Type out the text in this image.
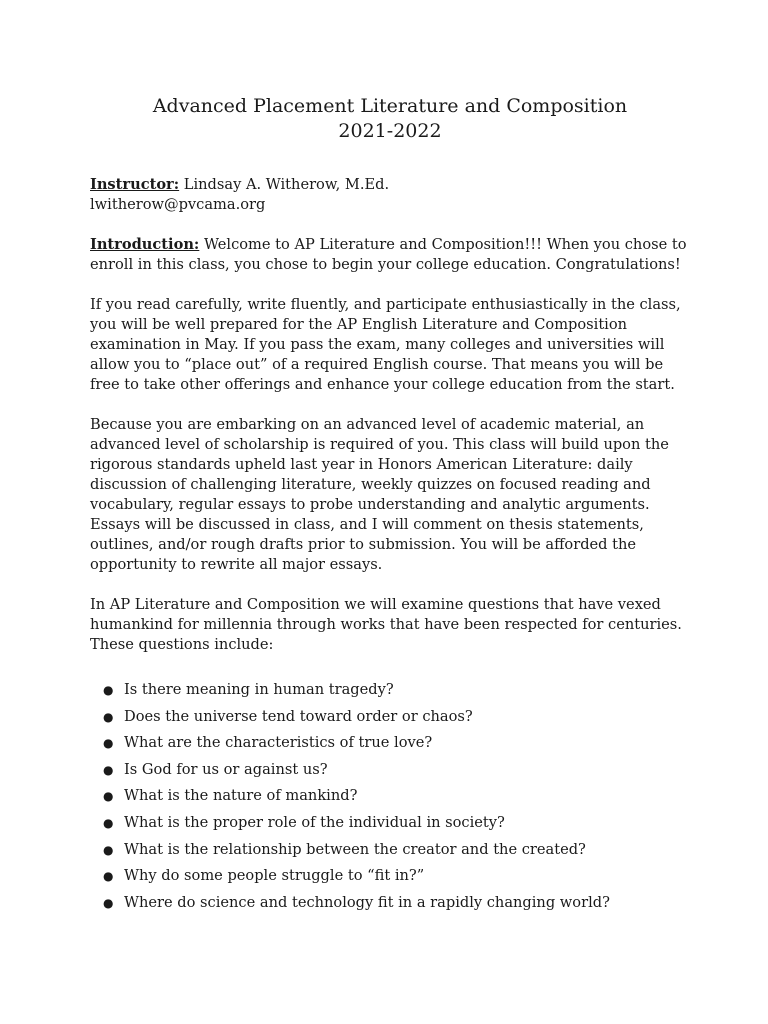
Advanced Placement Literature and Composition
2021-2022

Instructor: Lindsay A. Witherow, M.Ed.

lwitherow@pvcama.org

Introduction: Welcome to AP Literature and Composition!!! When you chose to enroll in this class, you chose to begin your college education. Congratulations!

If you read carefully, write fluently, and participate enthusiastically in the class, you will be well prepared for the AP English Literature and Composition examination in May. If you pass the exam, many colleges and universities will allow you to “place out” of a required English course. That means you will be free to take other offerings and enhance your college education from the start.

Because you are embarking on an advanced level of academic material, an advanced level of scholarship is required of you. This class will build upon the rigorous standards upheld last year in Honors American Literature: daily discussion of challenging literature, weekly quizzes on focused reading and vocabulary, regular essays to probe understanding and analytic arguments. Essays will be discussed in class, and I will comment on thesis statements, outlines, and/or rough drafts prior to submission. You will be afforded the opportunity to rewrite all major essays.

In AP Literature and Composition we will examine questions that have vexed humankind for millennia through works that have been respected for centuries. These questions include:

● Is there meaning in human tragedy?
● Does the universe tend toward order or chaos?
● What are the characteristics of true love?
● Is God for us or against us?
● What is the nature of mankind?
● What is the proper role of the individual in society?
● What is the relationship between the creator and the created?
● Why do some people struggle to “fit in?”
● Where do science and technology fit in a rapidly changing world?
